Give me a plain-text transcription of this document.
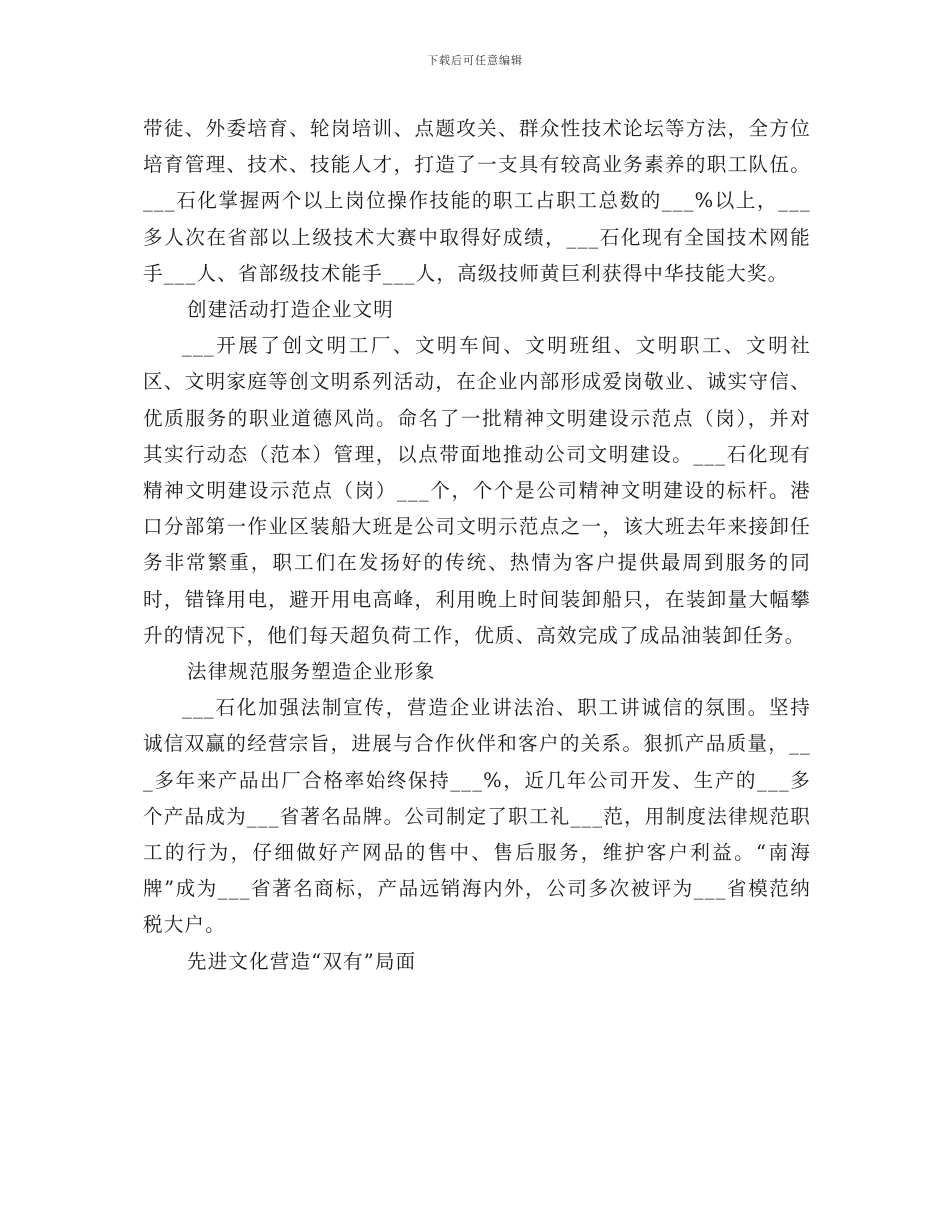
下载后可任意编辑

带徒、外委培育、轮岗培训、点题攻关、群众性技术论坛等方法，全方位培育管理、技术、技能人才，打造了一支具有较高业务素养的职工队伍。___石化掌握两个以上岗位操作技能的职工占职工总数的___%以上，___多人次在省部以上级技术大赛中取得好成绩，___石化现有全国技术网能手___人、省部级技术能手___人，高级技师黄巨利获得中华技能大奖。

创建活动打造企业文明

___开展了创文明工厂、文明车间、文明班组、文明职工、文明社区、文明家庭等创文明系列活动，在企业内部形成爱岗敬业、诚实守信、优质服务的职业道德风尚。命名了一批精神文明建设示范点（岗），并对其实行动态（范本）管理，以点带面地推动公司文明建设。___石化现有精神文明建设示范点（岗）___个，个个是公司精神文明建设的标杆。港口分部第一作业区装船大班是公司文明示范点之一，该大班去年来接卸任务非常繁重，职工们在发扬好的传统、热情为客户提供最周到服务的同时，错锋用电，避开用电高峰，利用晚上时间装卸船只，在装卸量大幅攀升的情况下，他们每天超负荷工作，优质、高效完成了成品油装卸任务。

法律规范服务塑造企业形象

___石化加强法制宣传，营造企业讲法治、职工讲诚信的氛围。坚持诚信双赢的经营宗旨，进展与合作伙伴和客户的关系。狠抓产品质量，___多年来产品出厂合格率始终保持___%，近几年公司开发、生产的___多个产品成为___省著名品牌。公司制定了职工礼___范，用制度法律规范职工的行为，仔细做好产网品的售中、售后服务，维护客户利益。“南海牌”成为___省著名商标，产品远销海内外，公司多次被评为___省模范纳税大户。

先进文化营造“双有”局面
